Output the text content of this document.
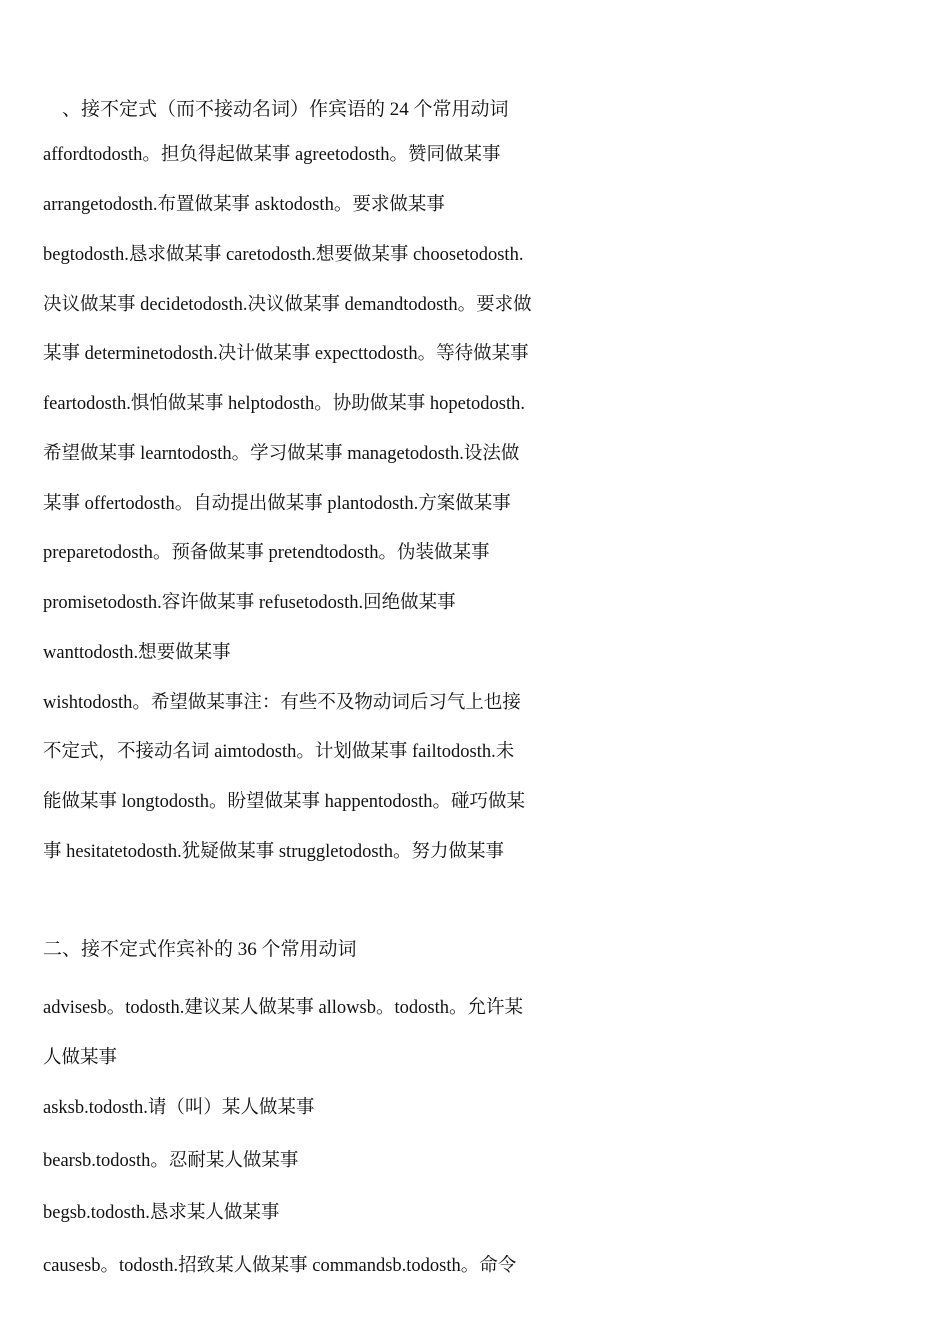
、接不定式（而不接动名词）作宾语的 24 个常用动词
affordtodosth。担负得起做某事 agreetodosth。赞同做某事
arrangetodosth.布置做某事 asktodosth。要求做某事
begtodosth.恳求做某事 caretodosth.想要做某事 choosetodosth.
决议做某事 decidetodosth.决议做某事 demandtodosth。要求做
某事 determinetodosth.决计做某事 expecttodosth。等待做某事
feartodosth.惧怕做某事 helptodosth。协助做某事 hopetodosth.
希望做某事 learntodosth。学习做某事 managetodosth.设法做
某事 offertodosth。自动提出做某事 plantodosth.方案做某事
preparetodosth。预备做某事 pretendtodosth。伪装做某事
promisetodosth.容许做某事 refusetodosth.回绝做某事
wanttodosth.想要做某事
wishtodosth。希望做某事注：有些不及物动词后习气上也接
不定式，不接动名词 aimtodosth。计划做某事 failtodosth.未
能做某事 longtodosth。盼望做某事 happentodosth。碰巧做某
事 hesitatetodosth.犹疑做某事 struggletodosth。努力做某事
二、接不定式作宾补的 36 个常用动词
advisesb。todosth.建议某人做某事 allowsb。todosth。允许某
人做某事
asksb.todosth.请（叫）某人做某事
bearsb.todosth。忍耐某人做某事
begsb.todosth.恳求某人做某事
causesb。todosth.招致某人做某事 commandsb.todosth。命令
